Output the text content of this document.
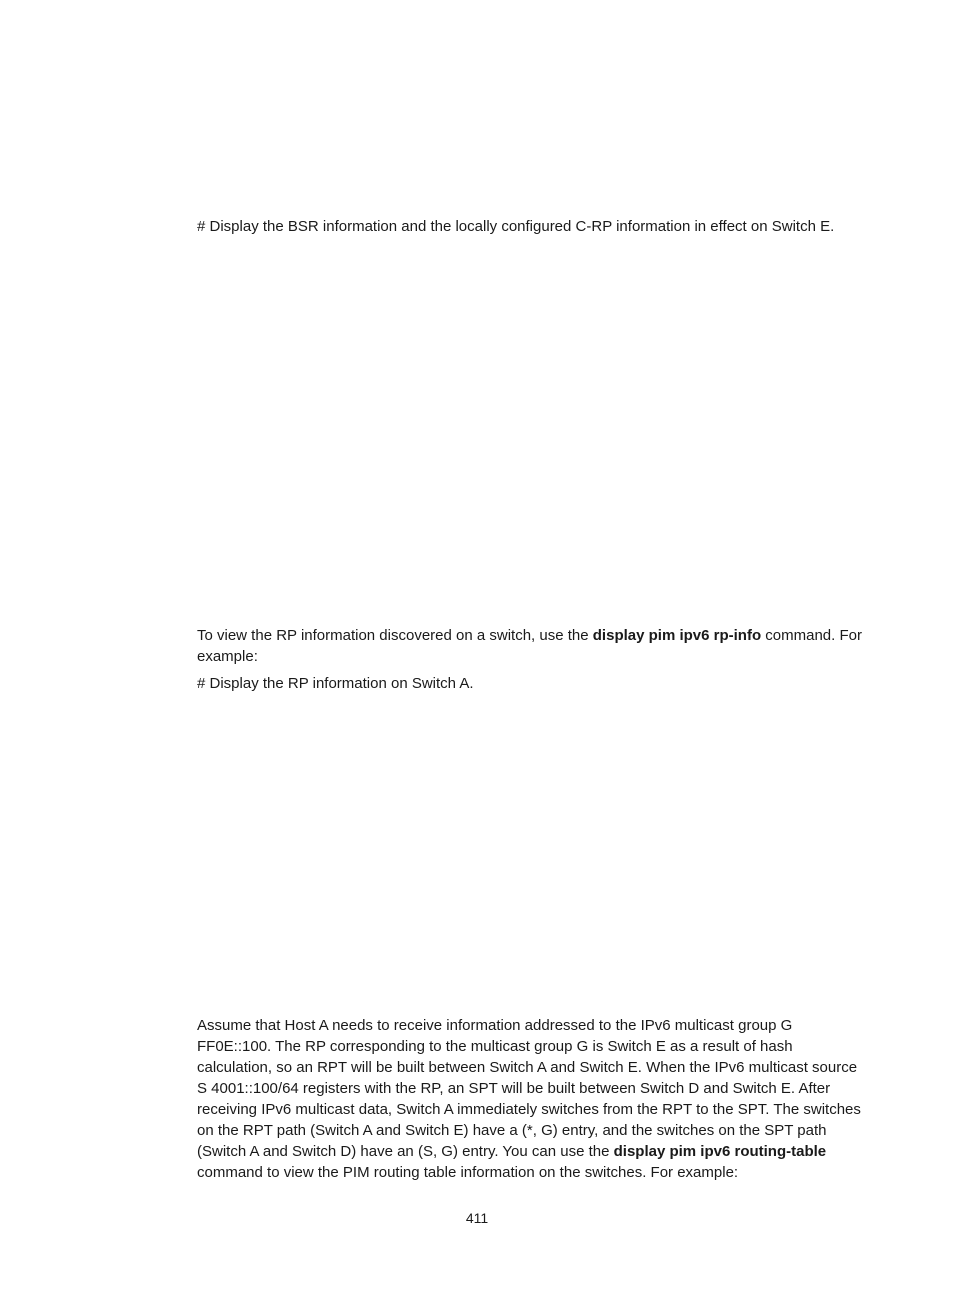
# Display the BSR information and the locally configured C-RP information in effect on Switch E.

To view the RP information discovered on a switch, use the display pim ipv6 rp-info command. For example:

# Display the RP information on Switch A.

Assume that Host A needs to receive information addressed to the IPv6 multicast group G FF0E::100. The RP corresponding to the multicast group G is Switch E as a result of hash calculation, so an RPT will be built between Switch A and Switch E. When the IPv6 multicast source S 4001::100/64 registers with the RP, an SPT will be built between Switch D and Switch E. After receiving IPv6 multicast data, Switch A immediately switches from the RPT to the SPT. The switches on the RPT path (Switch A and Switch E) have a (*, G) entry, and the switches on the SPT path (Switch A and Switch D) have an (S, G) entry. You can use the display pim ipv6 routing-table command to view the PIM routing table information on the switches. For example:

411
